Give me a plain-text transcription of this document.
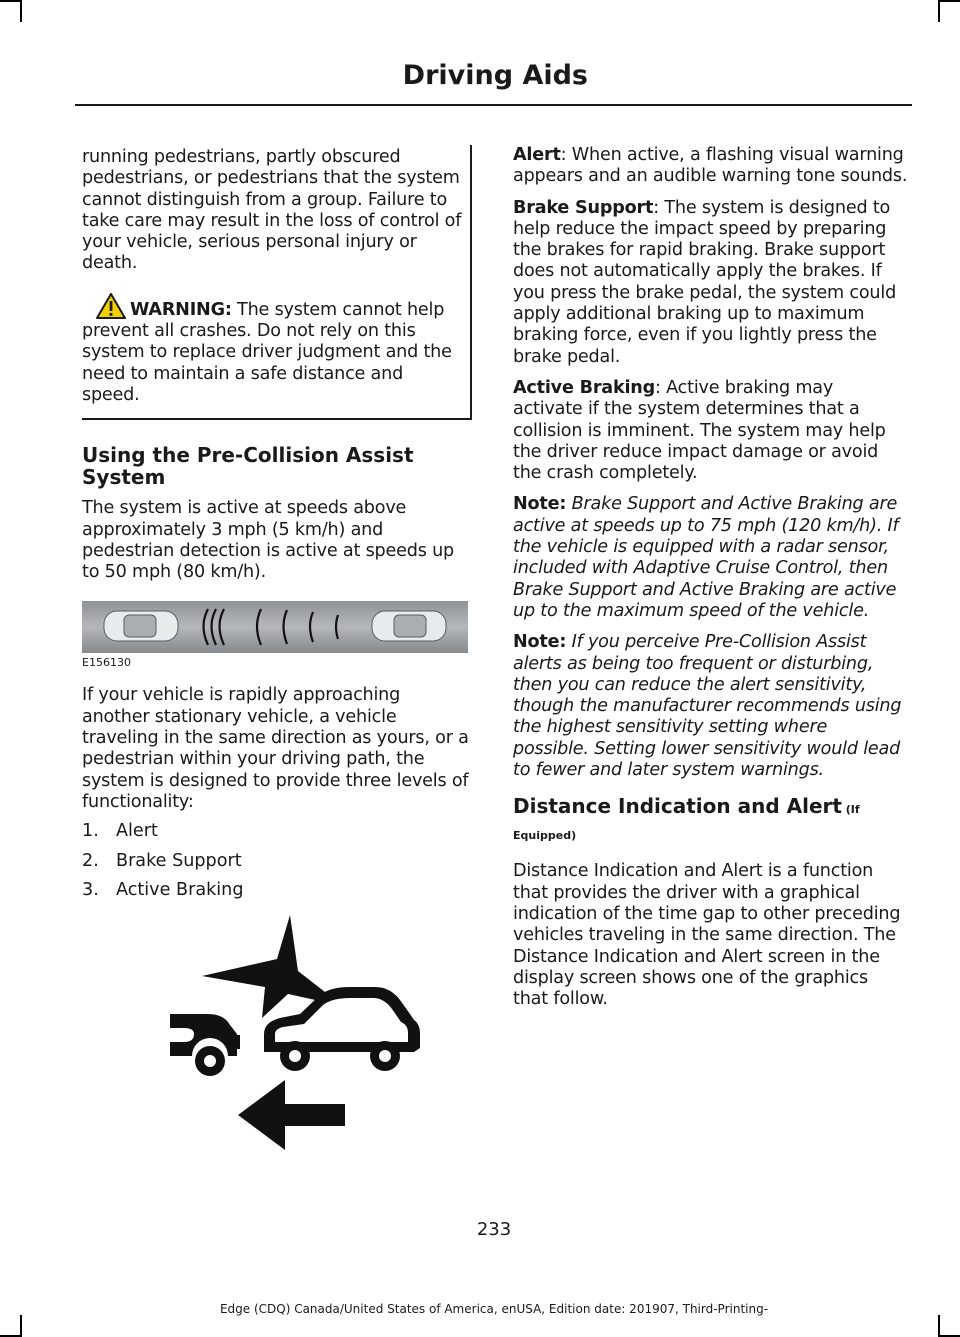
Driving Aids

running pedestrians, partly obscured pedestrians, or pedestrians that the system cannot distinguish from a group. Failure to take care may result in the loss of control of your vehicle, serious personal injury or death.

WARNING: The system cannot help prevent all crashes. Do not rely on this system to replace driver judgment and the need to maintain a safe distance and speed.

Using the Pre-Collision Assist System

The system is active at speeds above approximately 3 mph (5 km/h) and pedestrian detection is active at speeds up to 50 mph (80 km/h).

E156130

If your vehicle is rapidly approaching another stationary vehicle, a vehicle traveling in the same direction as yours, or a pedestrian within your driving path, the system is designed to provide three levels of functionality:

1. Alert
2. Brake Support
3. Active Braking

Alert: When active, a flashing visual warning appears and an audible warning tone sounds.

Brake Support: The system is designed to help reduce the impact speed by preparing the brakes for rapid braking. Brake support does not automatically apply the brakes. If you press the brake pedal, the system could apply additional braking up to maximum braking force, even if you lightly press the brake pedal.

Active Braking: Active braking may activate if the system determines that a collision is imminent. The system may help the driver reduce impact damage or avoid the crash completely.

Note: Brake Support and Active Braking are active at speeds up to 75 mph (120 km/h). If the vehicle is equipped with a radar sensor, included with Adaptive Cruise Control, then Brake Support and Active Braking are active up to the maximum speed of the vehicle.

Note: If you perceive Pre-Collision Assist alerts as being too frequent or disturbing, then you can reduce the alert sensitivity, though the manufacturer recommends using the highest sensitivity setting where possible. Setting lower sensitivity would lead to fewer and later system warnings.

Distance Indication and Alert (If Equipped)

Distance Indication and Alert is a function that provides the driver with a graphical indication of the time gap to other preceding vehicles traveling in the same direction. The Distance Indication and Alert screen in the display screen shows one of the graphics that follow.

233
Edge (CDQ) Canada/United States of America, enUSA, Edition date: 201907, Third-Printing-
